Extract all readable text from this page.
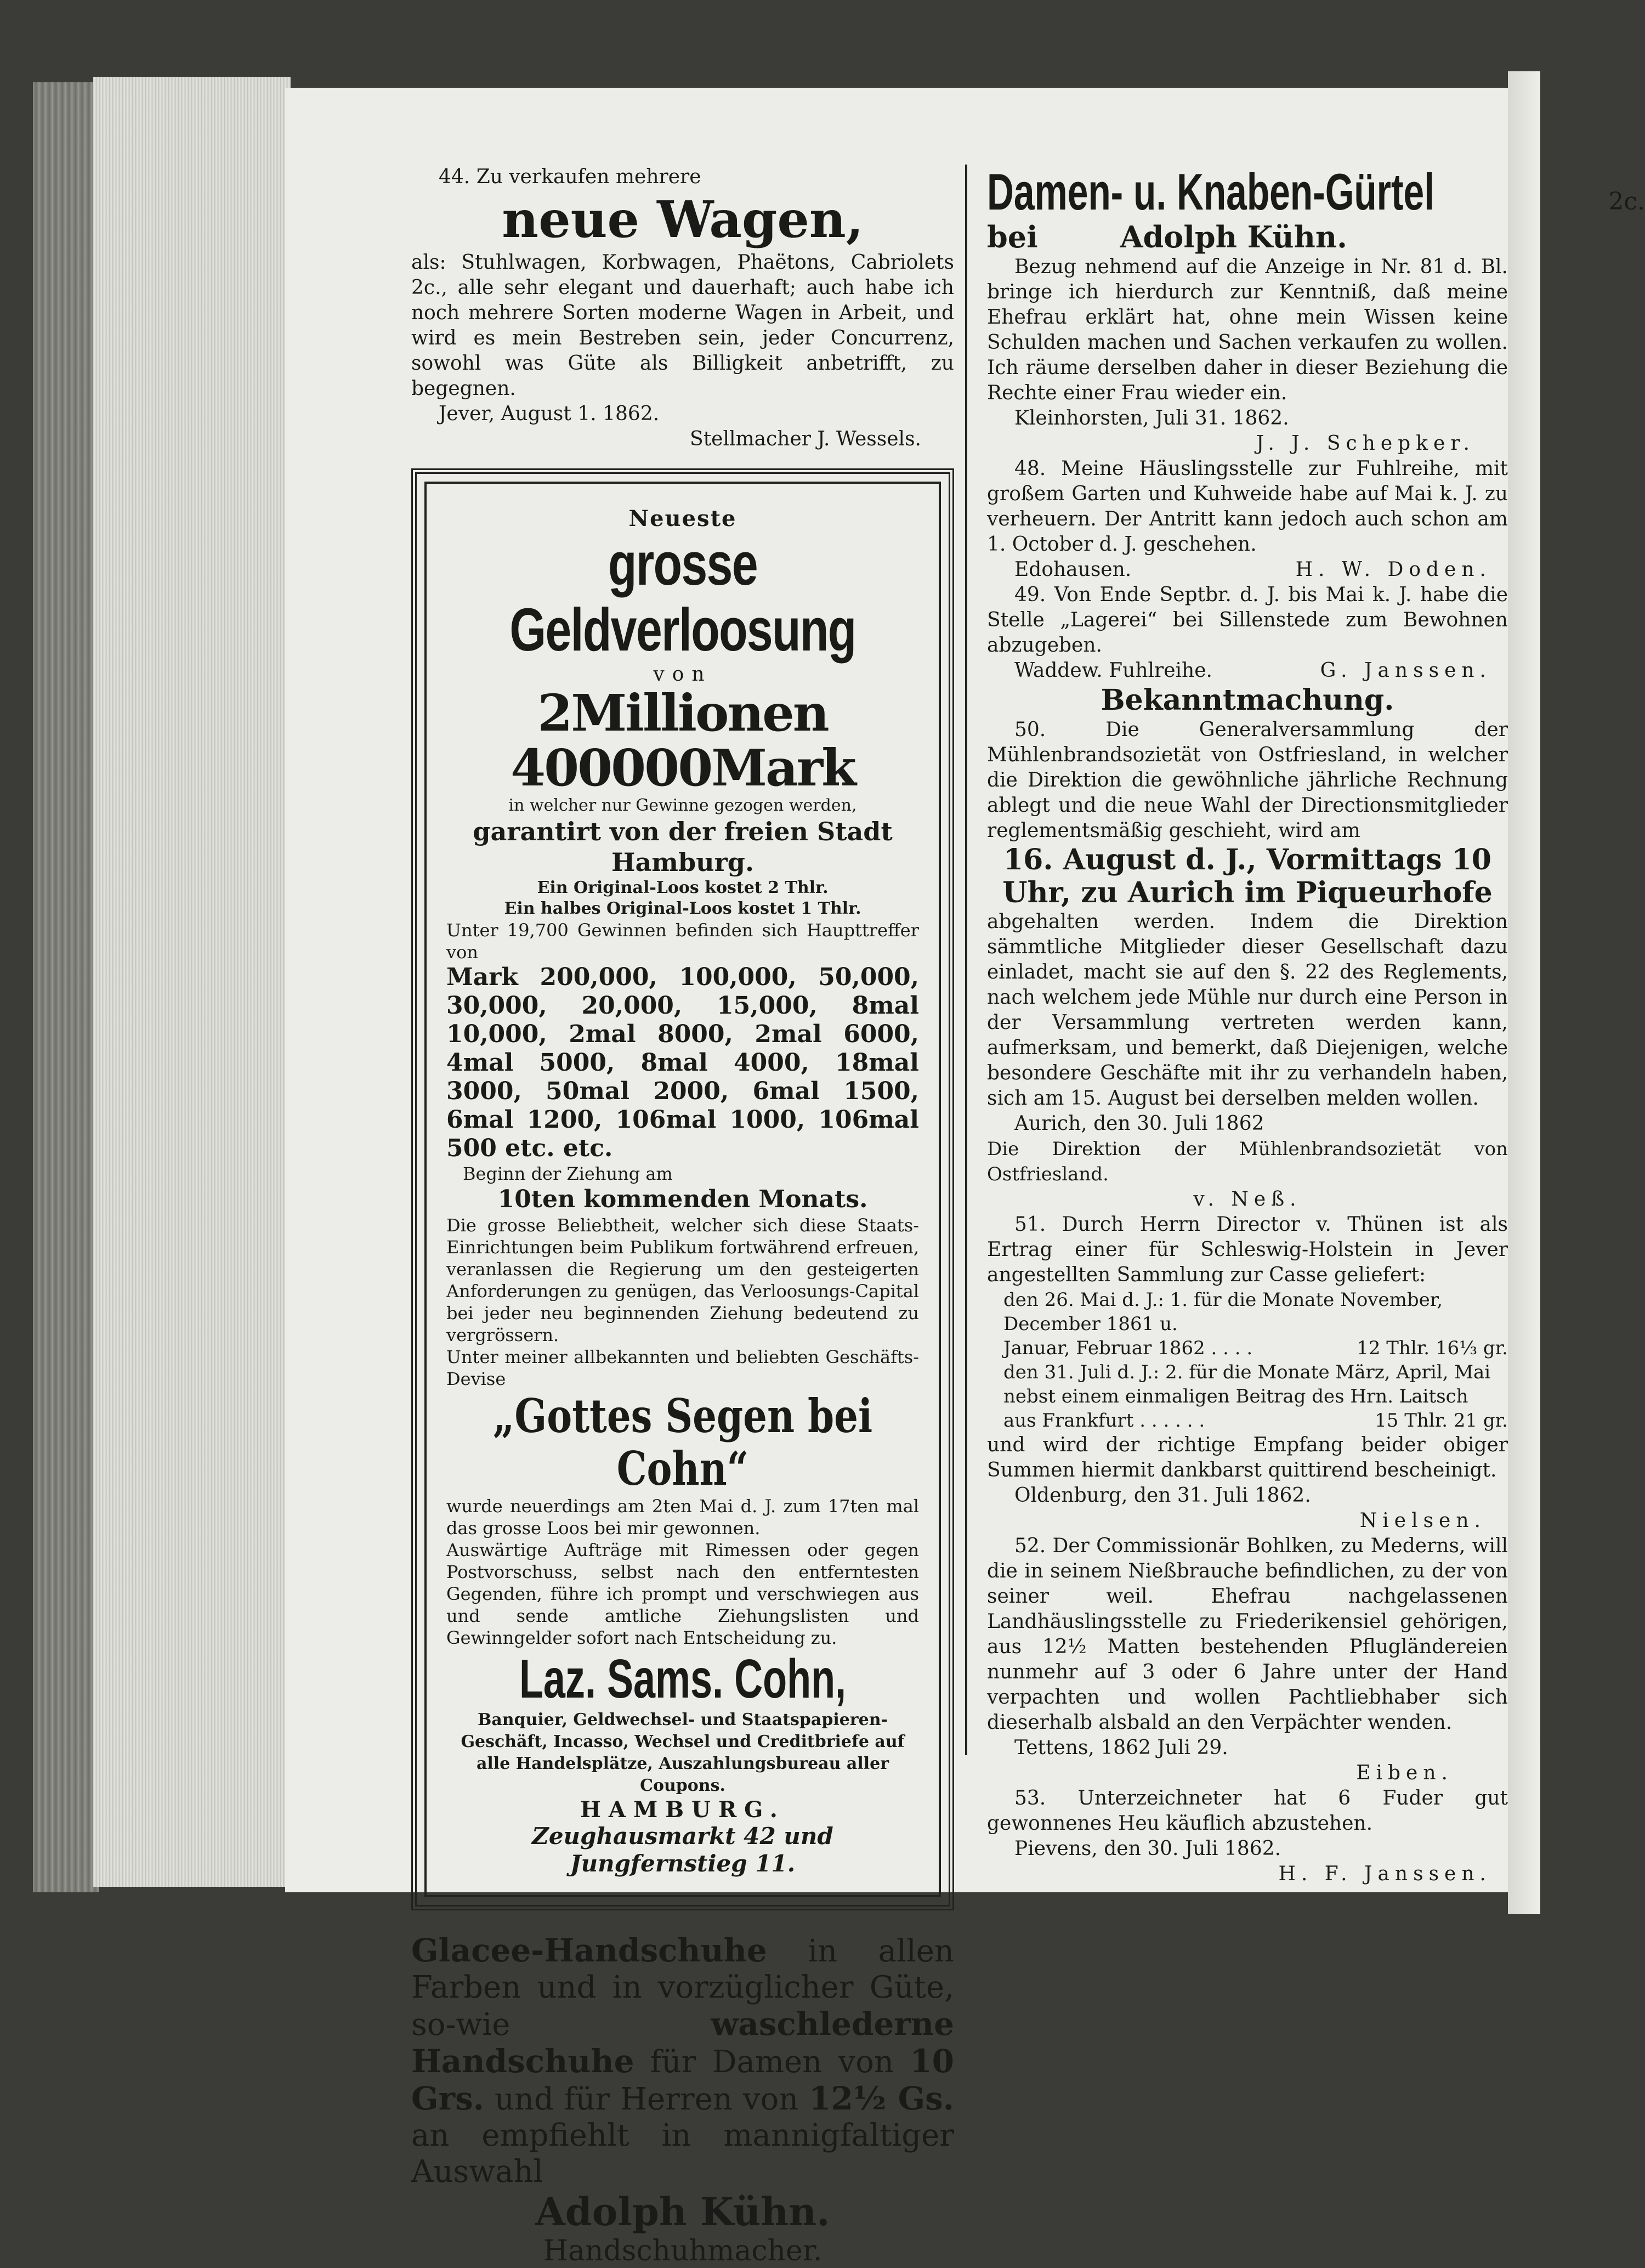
44. Zu verkaufen mehrere

neue Wagen,

als: Stuhlwagen, Korbwagen, Phaëtons, Cabriolets 2c., alle sehr elegant und dauerhaft; auch habe ich noch mehrere Sorten moderne Wagen in Arbeit, und wird es mein Bestreben sein, jeder Concurrenz, sowohl was Güte als Billigkeit anbetrifft, zu begegnen.

Jever, August 1. 1862.

Stellmacher J. Wessels.

Neueste
grosse Geldverloosung
von
2Millionen 400000Mark
in welcher nur Gewinne gezogen werden,
garantirt von der freien Stadt Hamburg.
Ein Original-Loos kostet 2 Thlr.
Ein halbes Original-Loos kostet 1 Thlr.
Unter 19,700 Gewinnen befinden sich Haupttreffer von
Mark 200,000, 100,000, 50,000, 30,000, 20,000, 15,000, 8mal 10,000, 2mal 8000, 2mal 6000, 4mal 5000, 8mal 4000, 18mal 3000, 50mal 2000, 6mal 1500, 6mal 1200, 106mal 1000, 106mal 500 etc. etc.
Beginn der Ziehung am
10ten kommenden Monats.
Die grosse Beliebtheit, welcher sich diese Staats-Einrichtungen beim Publikum fortwährend erfreuen, veranlassen die Regierung um den gesteigerten Anforderungen zu genügen, das Verloosungs-Capital bei jeder neu beginnenden Ziehung bedeutend zu vergrössern.
Unter meiner allbekannten und beliebten Geschäfts-Devise
„Gottes Segen bei Cohn“
wurde neuerdings am 2ten Mai d. J. zum 17ten mal das grosse Loos bei mir gewonnen.
Auswärtige Aufträge mit Rimessen oder gegen Postvorschuss, selbst nach den entferntesten Gegenden, führe ich prompt und verschwiegen aus und sende amtliche Ziehungslisten und Gewinngelder sofort nach Entscheidung zu.
Laz. Sams. Cohn,
Banquier, Geldwechsel- und Staatspapieren-Geschäft, Incasso, Wechsel und Creditbriefe auf alle Handelsplätze, Auszahlungsbureau aller Coupons.
HAMBURG.
Zeughausmarkt 42 und
Jungfernstieg 11.
Glacee-Handschuhe in allen Farben und in vorzüglicher Güte, so-wie waschlederne Handschuhe für Damen von 10 Grs. und für Herren von 12½ Gs. an empfiehlt in mannigfaltiger Auswahl
Adolph Kühn.
Handschuhmacher.
Damen- u. Knaben-Gürtel	2c.
bei	Adolph Kühn.

Bezug nehmend auf die Anzeige in Nr. 81 d. Bl. bringe ich hierdurch zur Kenntniß, daß meine Ehefrau erklärt hat, ohne mein Wissen keine Schulden machen und Sachen verkaufen zu wollen. Ich räume derselben daher in dieser Beziehung die Rechte einer Frau wieder ein.

Kleinhorsten, Juli 31. 1862.

J. J. Schepker.

48. Meine Häuslingsstelle zur Fuhlreihe, mit großem Garten und Kuhweide habe auf Mai k. J. zu verheuern. Der Antritt kann jedoch auch schon am 1. October d. J. geschehen.

Edohausen.	H. W. Doden.

49. Von Ende Septbr. d. J. bis Mai k. J. habe die Stelle „Lagerei“ bei Sillenstede zum Bewohnen abzugeben.

Waddew. Fuhlreihe.	G. Janssen.
Bekanntmachung.

50. Die Generalversammlung der Mühlenbrandsozietät von Ostfriesland, in welcher die Direktion die gewöhnliche jährliche Rechnung ablegt und die neue Wahl der Directionsmitglieder reglementsmäßig geschieht, wird am

16. August d. J., Vormittags 10 Uhr, zu Aurich im Piqueurhofe

abgehalten werden. Indem die Direktion sämmtliche Mitglieder dieser Gesellschaft dazu einladet, macht sie auf den §. 22 des Reglements, nach welchem jede Mühle nur durch eine Person in der Versammlung vertreten werden kann, aufmerksam, und bemerkt, daß Diejenigen, welche besondere Geschäfte mit ihr zu verhandeln haben, sich am 15. August bei derselben melden wollen.

Aurich, den 30. Juli 1862

Die Direktion der Mühlenbrandsozietät von Ostfriesland.

v. Neß.

51. Durch Herrn Director v. Thünen ist als Ertrag einer für Schleswig-Holstein in Jever angestellten Sammlung zur Casse geliefert:

den 26. Mai d. J.: 1. für die Monate November, December 1861 u.
Januar, Februar 1862 . . . .	12 Thlr. 16⅓ gr.
den 31. Juli d. J.: 2. für die Monate März, April, Mai nebst einem einmaligen Beitrag des Hrn. Laitsch
aus Frankfurt . . . . . .	15 Thlr. 21 gr.

und wird der richtige Empfang beider obiger Summen hiermit dankbarst quittirend bescheinigt.

Oldenburg, den 31. Juli 1862.

Nielsen.

52. Der Commissionär Bohlken, zu Mederns, will die in seinem Nießbrauche befindlichen, zu der von seiner weil. Ehefrau nachgelassenen Landhäuslingsstelle zu Friederikensiel gehörigen, aus 12½ Matten bestehenden Pflugländereien nunmehr auf 3 oder 6 Jahre unter der Hand verpachten und wollen Pachtliebhaber sich dieserhalb alsbald an den Verpächter wenden.

Tettens, 1862 Juli 29.

Eiben.

53. Unterzeichneter hat 6 Fuder gut gewonnenes Heu käuflich abzustehen.

Pievens, den 30. Juli 1862.

H. F. Janssen.
